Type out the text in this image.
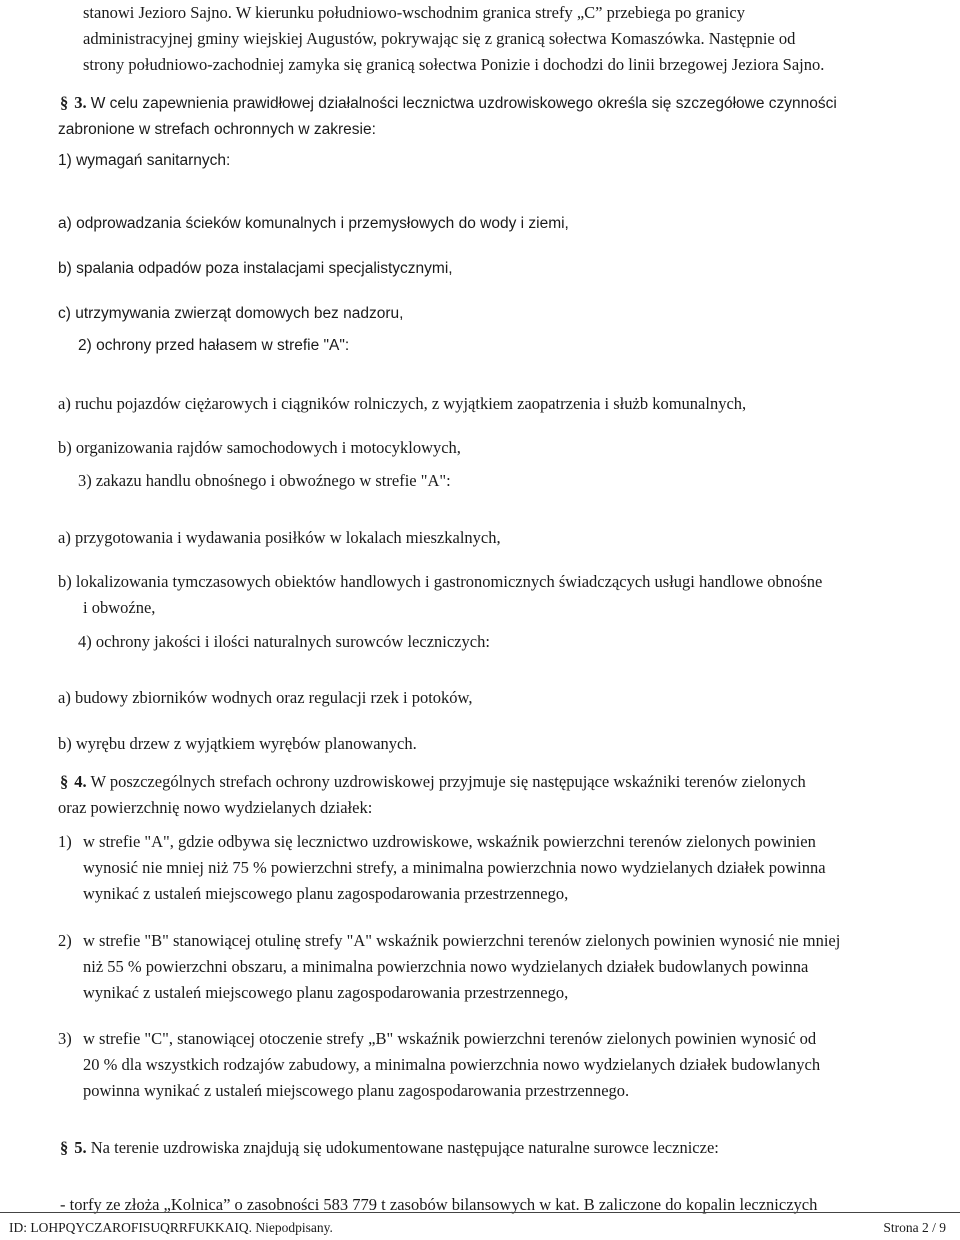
stanowi Jezioro Sajno. W kierunku południowo-wschodnim granica strefy „C” przebiega po granicy
administracyjnej gminy wiejskiej Augustów, pokrywając się z granicą sołectwa Komaszówka. Następnie od
strony południowo-zachodniej zamyka się granicą sołectwa Ponizie i dochodzi do linii brzegowej Jeziora Sajno.
§ 3. W celu zapewnienia prawidłowej działalności lecznictwa uzdrowiskowego określa się szczegółowe czynności
zabronione w strefach ochronnych w zakresie:
1) wymagań sanitarnych:
a) odprowadzania ścieków komunalnych i przemysłowych do wody i ziemi,
b) spalania odpadów poza instalacjami specjalistycznymi,
c) utrzymywania zwierząt domowych bez nadzoru,
2) ochrony przed hałasem w strefie "A":
a) ruchu pojazdów ciężarowych i ciągników rolniczych, z wyjątkiem zaopatrzenia i służb komunalnych,
b) organizowania rajdów samochodowych i motocyklowych,
3) zakazu handlu obnośnego i obwoźnego w strefie "A":
a) przygotowania i wydawania posiłków w lokalach mieszkalnych,
b) lokalizowania tymczasowych obiektów handlowych i gastronomicznych świadczących usługi handlowe obnośne
i obwoźne,
4) ochrony jakości i ilości naturalnych surowców leczniczych:
a) budowy zbiorników wodnych oraz regulacji rzek i potoków,
b) wyrębu drzew z wyjątkiem wyrębów planowanych.
§ 4. W poszczególnych strefach ochrony uzdrowiskowej przyjmuje się następujące wskaźniki terenów zielonych
oraz powierzchnię nowo wydzielanych działek:
1) w strefie "A", gdzie odbywa się lecznictwo uzdrowiskowe, wskaźnik powierzchni terenów zielonych powinien
wynosić nie mniej niż 75 % powierzchni strefy, a minimalna powierzchnia nowo wydzielanych działek powinna
wynikać z ustaleń miejscowego planu zagospodarowania przestrzennego,
2) w strefie "B" stanowiącej otulinę strefy "A" wskaźnik powierzchni terenów zielonych powinien wynosić nie mniej
niż 55 % powierzchni obszaru, a minimalna powierzchnia nowo wydzielanych działek budowlanych powinna
wynikać z ustaleń miejscowego planu zagospodarowania przestrzennego,
3) w strefie "C", stanowiącej otoczenie strefy „B" wskaźnik powierzchni terenów zielonych powinien wynosić od
20 % dla wszystkich rodzajów zabudowy, a minimalna powierzchnia nowo wydzielanych działek budowlanych
powinna wynikać z ustaleń miejscowego planu zagospodarowania przestrzennego.
§ 5. Na terenie uzdrowiska znajdują się udokumentowane następujące naturalne surowce lecznicze:
- torfy ze złoża „Kolnica” o zasobności 583 779 t zasobów bilansowych w kat. B zaliczone do kopalin leczniczych
ID: LOHPQYCZAROFISUQRRFUKKAIQ. Niepodpisany.	Strona 2 / 9
